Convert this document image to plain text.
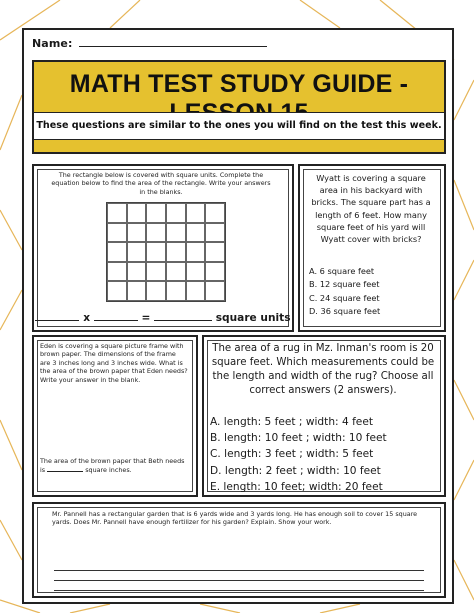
Name:
MATH TEST STUDY GUIDE -
These questions are similar to the ones you will find on the test this week.
The rectangle below is covered with square units. Complete the equation below to find the area of the rectangle. Write your answers in the blanks.
x	=	square units
Wyatt is covering a square area in his backyard with bricks. The square part has a length of 6 feet. How many square feet of his yard will Wyatt cover with bricks?
A. 6 square feet
B. 12 square feet
C. 24 square feet
D. 36 square feet
Eden is covering a square picture frame with brown paper. The dimensions of the frame are 3 inches long and 3 inches wide. What is the area of the brown paper that Eden needs? Write your answer in the blank.
The area of the brown paper that Beth needs is	square inches.
The area of a rug in Mz. Inman's room is 20 square feet. Which measurements could be the length and width of the rug? Choose all correct answers (2 answers).
A. length: 5 feet ; width: 4 feet
B. length: 10 feet ; width: 10 feet
C. length: 3 feet ; width: 5 feet
D. length: 2 feet ; width: 10 feet
E. length: 10 feet; width: 20 feet
Mr. Pannell has a rectangular garden that is 6 yards wide and 3 yards long. He has enough soil to cover 15 square yards. Does Mr. Pannell have enough fertilizer for his garden? Explain. Show your work.
